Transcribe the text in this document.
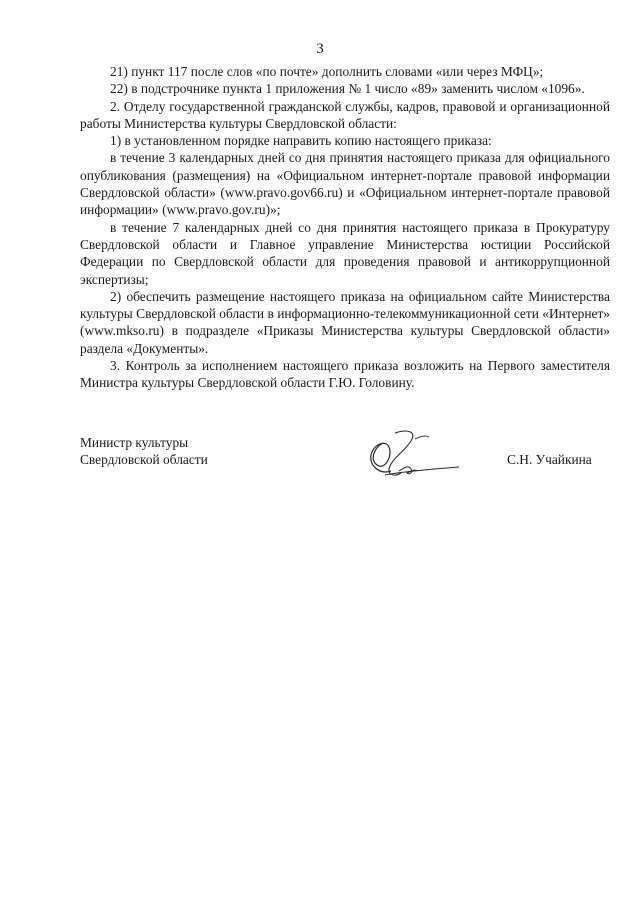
3

21) пункт 117 после слов «по почте» дополнить словами «или через МФЦ»;

22) в подстрочнике пункта 1 приложения № 1 число «89» заменить числом «1096».

2. Отделу государственной гражданской службы, кадров, правовой и организационной работы Министерства культуры Свердловской области:

1) в установленном порядке направить копию настоящего приказа:

в течение 3 календарных дней со дня принятия настоящего приказа для официального опубликования (размещения) на «Официальном интернет-портале правовой информации Свердловской области» (www.pravo.gov66.ru) и «Официальном интернет-портале правовой информации» (www.pravo.gov.ru)»;

в течение 7 календарных дней со дня принятия настоящего приказа в Прокуратуру Свердловской области и Главное управление Министерства юстиции Российской Федерации по Свердловской области для проведения правовой и антикоррупционной экспертизы;

2) обеспечить размещение настоящего приказа на официальном сайте Министерства культуры Свердловской области в информационно-телекоммуникационной сети «Интернет» (www.mkso.ru) в подразделе «Приказы Министерства культуры Свердловской области» раздела «Документы».

3. Контроль за исполнением настоящего приказа возложить на Первого заместителя Министра культуры Свердловской области Г.Ю. Головину.

Министр культуры
Свердловской области	С.Н. Учайкина
